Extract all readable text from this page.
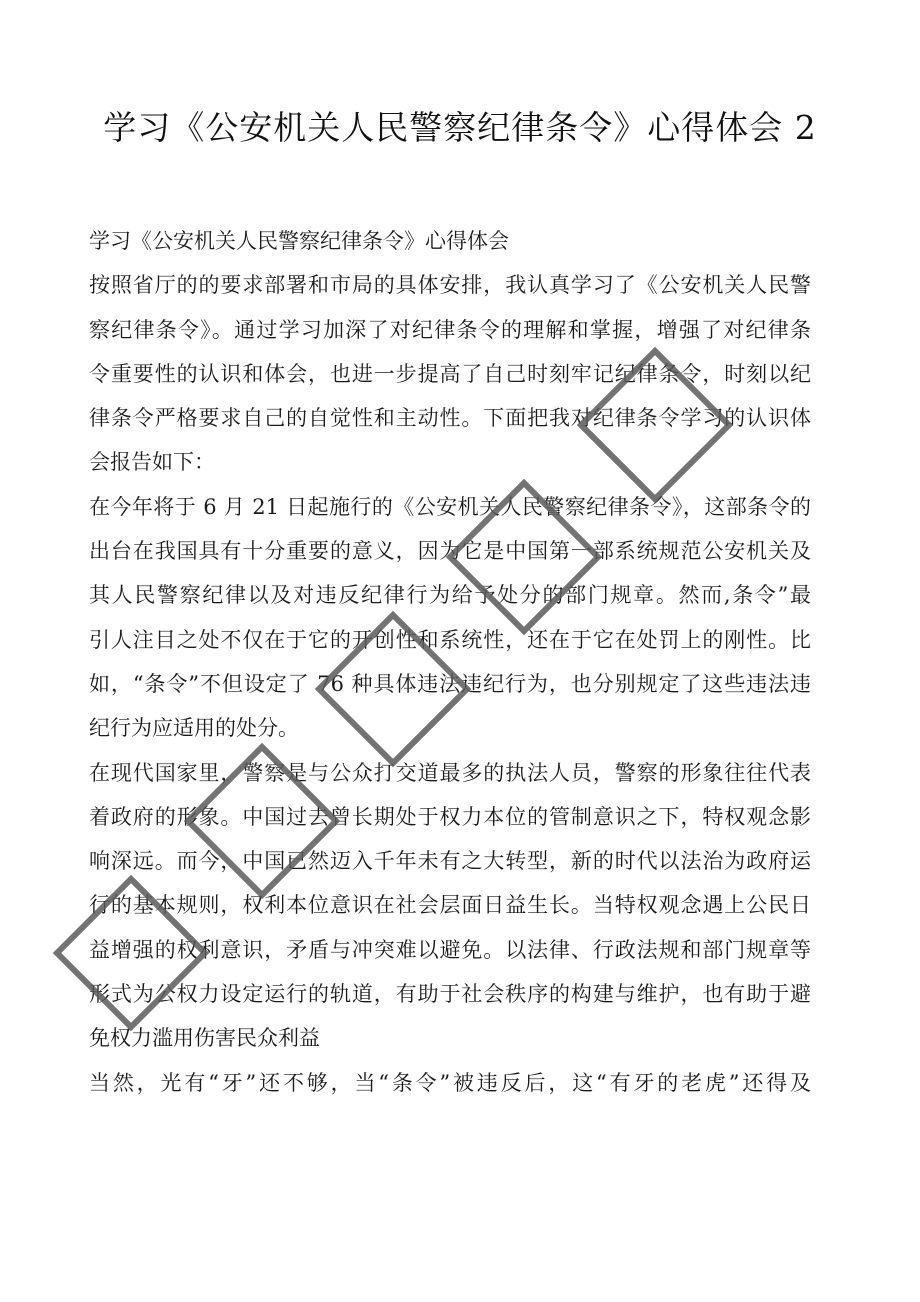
学习《公安机关人民警察纪律条令》心得体会 2
学习《公安机关人民警察纪律条令》心得体会
按照省厅的的要求部署和市局的具体安排，我认真学习了《公安机关人民警
察纪律条令》。通过学习加深了对纪律条令的理解和掌握，增强了对纪律条
令重要性的认识和体会，也进一步提高了自己时刻牢记纪律条令，时刻以纪
律条令严格要求自己的自觉性和主动性。下面把我对纪律条令学习的认识体
会报告如下：
在今年将于 6 月 21 日起施行的《公安机关人民警察纪律条令》，这部条令的
出台在我国具有十分重要的意义，因为它是中国第一部系统规范公安机关及
其人民警察纪律以及对违反纪律行为给予处分的部门规章。然而,条令”最
引人注目之处不仅在于它的开创性和系统性，还在于它在处罚上的刚性。比
如，“条令”不但设定了 76 种具体违法违纪行为，也分别规定了这些违法违
纪行为应适用的处分。
在现代国家里，警察是与公众打交道最多的执法人员，警察的形象往往代表
着政府的形象。中国过去曾长期处于权力本位的管制意识之下，特权观念影
响深远。而今，中国已然迈入千年未有之大转型，新的时代以法治为政府运
行的基本规则，权利本位意识在社会层面日益生长。当特权观念遇上公民日
益增强的权利意识，矛盾与冲突难以避免。以法律、行政法规和部门规章等
形式为公权力设定运行的轨道，有助于社会秩序的构建与维护，也有助于避
免权力滥用伤害民众利益
当然，光有“牙”还不够，当“条令”被违反后，这“有牙的老虎”还得及
